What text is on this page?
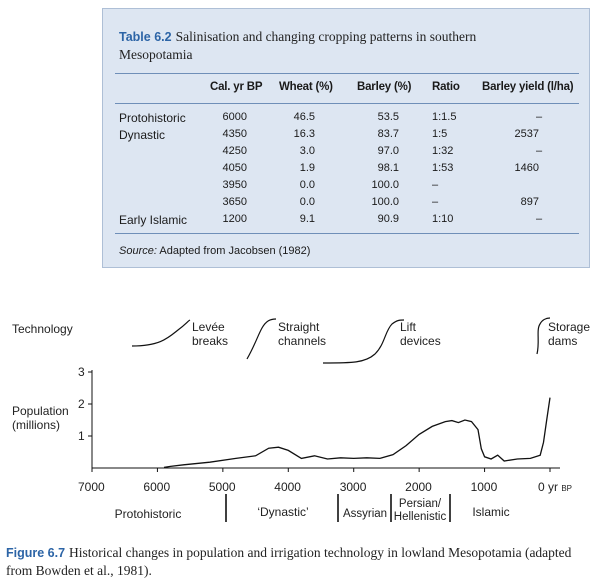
Table 6.2 Salinisation and changing cropping patterns in southern Mesopotamia
Cal. yr BP Wheat (%) Barley (%) Ratio Barley yield (l/ha)
Protohistoric	6000	46.5	53.5	1:1.5	–
Dynastic	4350	16.3	83.7	1:5	2537
4250	3.0	97.0	1:32	–
4050	1.9	98.1	1:53	1460
3950	0.0	100.0	–
3650	0.0	100.0	–	897
Early Islamic	1200	9.1	90.9	1:10	–
Source: Adapted from Jacobsen (1982)
Technology	Levée breaks
Straight channels
Lift devices
Storage dams
Population
(millions)
1
2
3
7000	6000	5000	4000	3000	2000	1000	0 yr BP
Protohistoric	‘Dynastic’	Assyrian
Persian/ Hellenistic	Islamic
Figure 6.7 Historical changes in population and irrigation technology in lowland Mesopotamia (adapted from Bowden et al., 1981).
